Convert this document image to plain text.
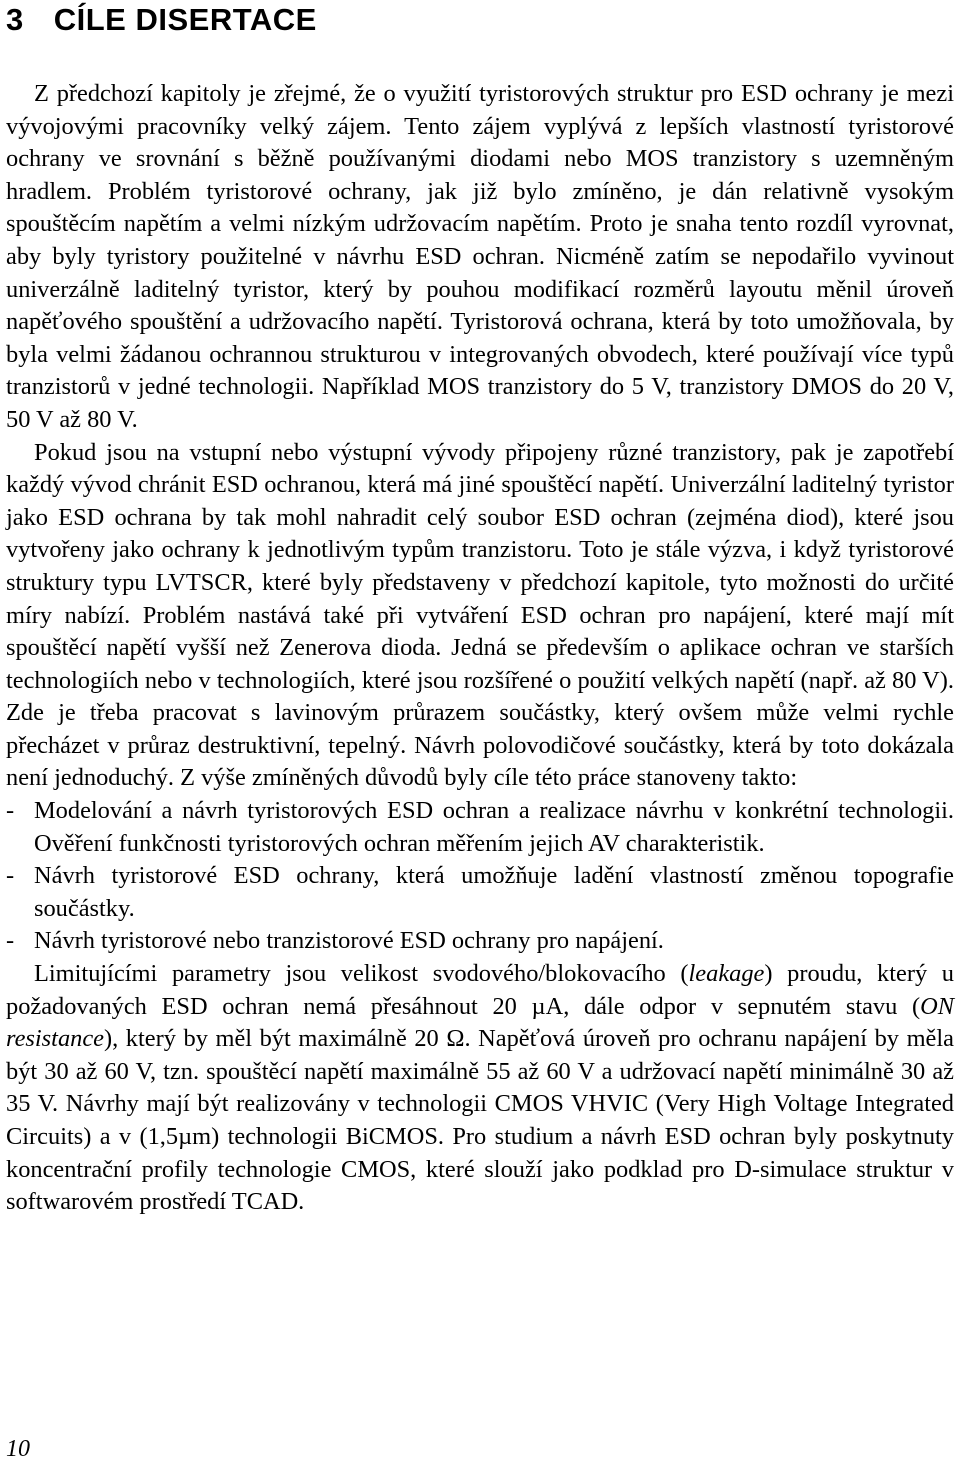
3 CÍLE DISERTACE

Z předchozí kapitoly je zřejmé, že o využití tyristorových struktur pro ESD ochrany je mezi vývojovými pracovníky velký zájem. Tento zájem vyplývá z lepších vlastností tyristorové ochrany ve srovnání s běžně používanými diodami nebo MOS tranzistory s uzemněným hradlem. Problém tyristorové ochrany, jak již bylo zmíněno, je dán relativně vysokým spouštěcím napětím a velmi nízkým udržovacím napětím. Proto je snaha tento rozdíl vyrovnat, aby byly tyristory použitelné v návrhu ESD ochran. Nicméně zatím se nepodařilo vyvinout univerzálně laditelný tyristor, který by pouhou modifikací rozměrů layoutu měnil úroveň napěťového spouštění a udržovacího napětí. Tyristorová ochrana, která by toto umožňovala, by byla velmi žádanou ochrannou strukturou v integrovaných obvodech, které používají více typů tranzistorů v jedné technologii. Například MOS tranzistory do 5 V, tranzistory DMOS do 20 V, 50 V až 80 V.

Pokud jsou na vstupní nebo výstupní vývody připojeny různé tranzistory, pak je zapotřebí každý vývod chránit ESD ochranou, která má jiné spouštěcí napětí. Univerzální laditelný tyristor jako ESD ochrana by tak mohl nahradit celý soubor ESD ochran (zejména diod), které jsou vytvořeny jako ochrany k jednotlivým typům tranzistoru. Toto je stále výzva, i když tyristorové struktury typu LVTSCR, které byly představeny v předchozí kapitole, tyto možnosti do určité míry nabízí. Problém nastává také při vytváření ESD ochran pro napájení, které mají mít spouštěcí napětí vyšší než Zenerova dioda. Jedná se především o aplikace ochran ve starších technologiích nebo v technologiích, které jsou rozšířené o použití velkých napětí (např. až 80 V). Zde je třeba pracovat s lavinovým průrazem součástky, který ovšem může velmi rychle přecházet v průraz destruktivní, tepelný. Návrh polovodičové součástky, která by toto dokázala není jednoduchý. Z výše zmíněných důvodů byly cíle této práce stanoveny takto:

- Modelování a návrh tyristorových ESD ochran a realizace návrhu v konkrétní technologii. Ověření funkčnosti tyristorových ochran měřením jejich AV charakteristik.
- Návrh tyristorové ESD ochrany, která umožňuje ladění vlastností změnou topografie součástky.
- Návrh tyristorové nebo tranzistorové ESD ochrany pro napájení.

Limitujícími parametry jsou velikost svodového/blokovacího (leakage) proudu, který u požadovaných ESD ochran nemá přesáhnout 20 µA, dále odpor v sepnutém stavu (ON resistance), který by měl být maximálně 20 Ω. Napěťová úroveň pro ochranu napájení by měla být 30 až 60 V, tzn. spouštěcí napětí maximálně 55 až 60 V a udržovací napětí minimálně 30 až 35 V. Návrhy mají být realizovány v technologii CMOS VHVIC (Very High Voltage Integrated Circuits) a v (1,5µm) technologii BiCMOS. Pro studium a návrh ESD ochran byly poskytnuty koncentrační profily technologie CMOS, které slouží jako podklad pro D-simulace struktur v softwarovém prostředí TCAD.

10
